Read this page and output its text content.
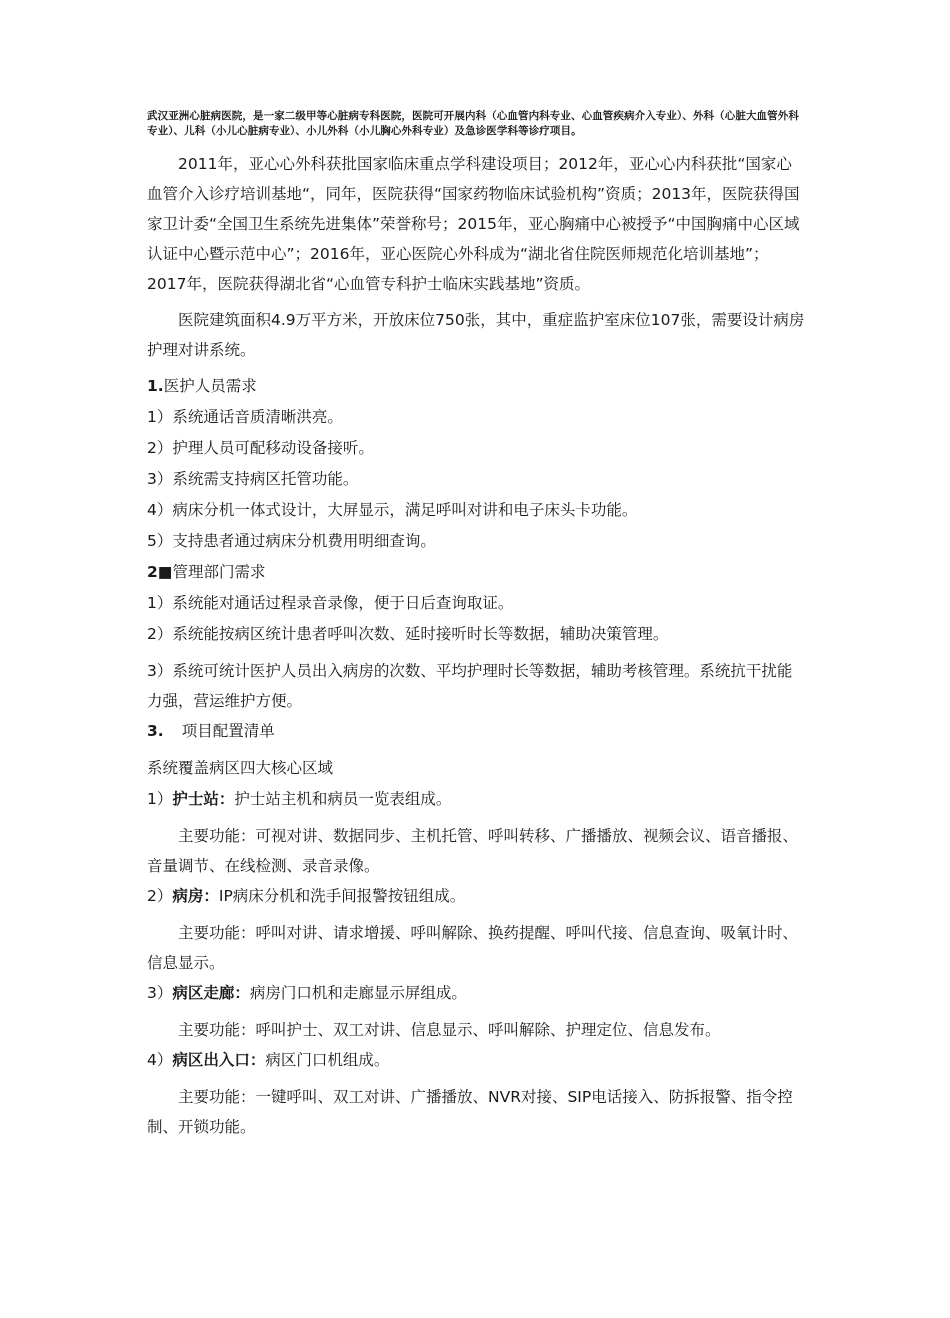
武汉亚洲心脏病医院，是一家二级甲等心脏病专科医院，医院可开展内科（心血管内科专业、心血管疾病介入专业）、外科（心脏大血管外科专业）、儿科（小儿心脏病专业）、小儿外科（小儿胸心外科专业）及急诊医学科等诊疗项目。

2011年，亚心心外科获批国家临床重点学科建设项目；2012年，亚心心内科获批“国家心血管介入诊疗培训基地“，同年，医院获得“国家药物临床试验机构”资质；2013年，医院获得国家卫计委“全国卫生系统先进集体”荣誉称号；2015年，亚心胸痛中心被授予“中国胸痛中心区域认证中心暨示范中心”；2016年，亚心医院心外科成为“湖北省住院医师规范化培训基地”；2017年，医院获得湖北省“心血管专科护士临床实践基地”资质。

医院建筑面积4.9万平方米，开放床位750张，其中，重症监护室床位107张，需要设计病房护理对讲系统。

1.医护人员需求

1）系统通话音质清晰洪亮。

2）护理人员可配移动设备接听。

3）系统需支持病区托管功能。

4）病床分机一体式设计，大屏显示，满足呼叫对讲和电子床头卡功能。

5）支持患者通过病床分机费用明细查询。

2■管理部门需求

1）系统能对通话过程录音录像，便于日后查询取证。

2）系统能按病区统计患者呼叫次数、延时接听时长等数据，辅助决策管理。

3）系统可统计医护人员出入病房的次数、平均护理时长等数据，辅助考核管理。系统抗干扰能力强，营运维护方便。

3. 项目配置清单

系统覆盖病区四大核心区域

1）护士站：护士站主机和病员一览表组成。

主要功能：可视对讲、数据同步、主机托管、呼叫转移、广播播放、视频会议、语音播报、音量调节、在线检测、录音录像。

2）病房：IP病床分机和洗手间报警按钮组成。

主要功能：呼叫对讲、请求增援、呼叫解除、换药提醒、呼叫代接、信息查询、吸氧计时、信息显示。

3）病区走廊：病房门口机和走廊显示屏组成。

主要功能：呼叫护士、双工对讲、信息显示、呼叫解除、护理定位、信息发布。

4）病区出入口：病区门口机组成。

主要功能：一键呼叫、双工对讲、广播播放、NVR对接、SIP电话接入、防拆报警、指令控制、开锁功能。
